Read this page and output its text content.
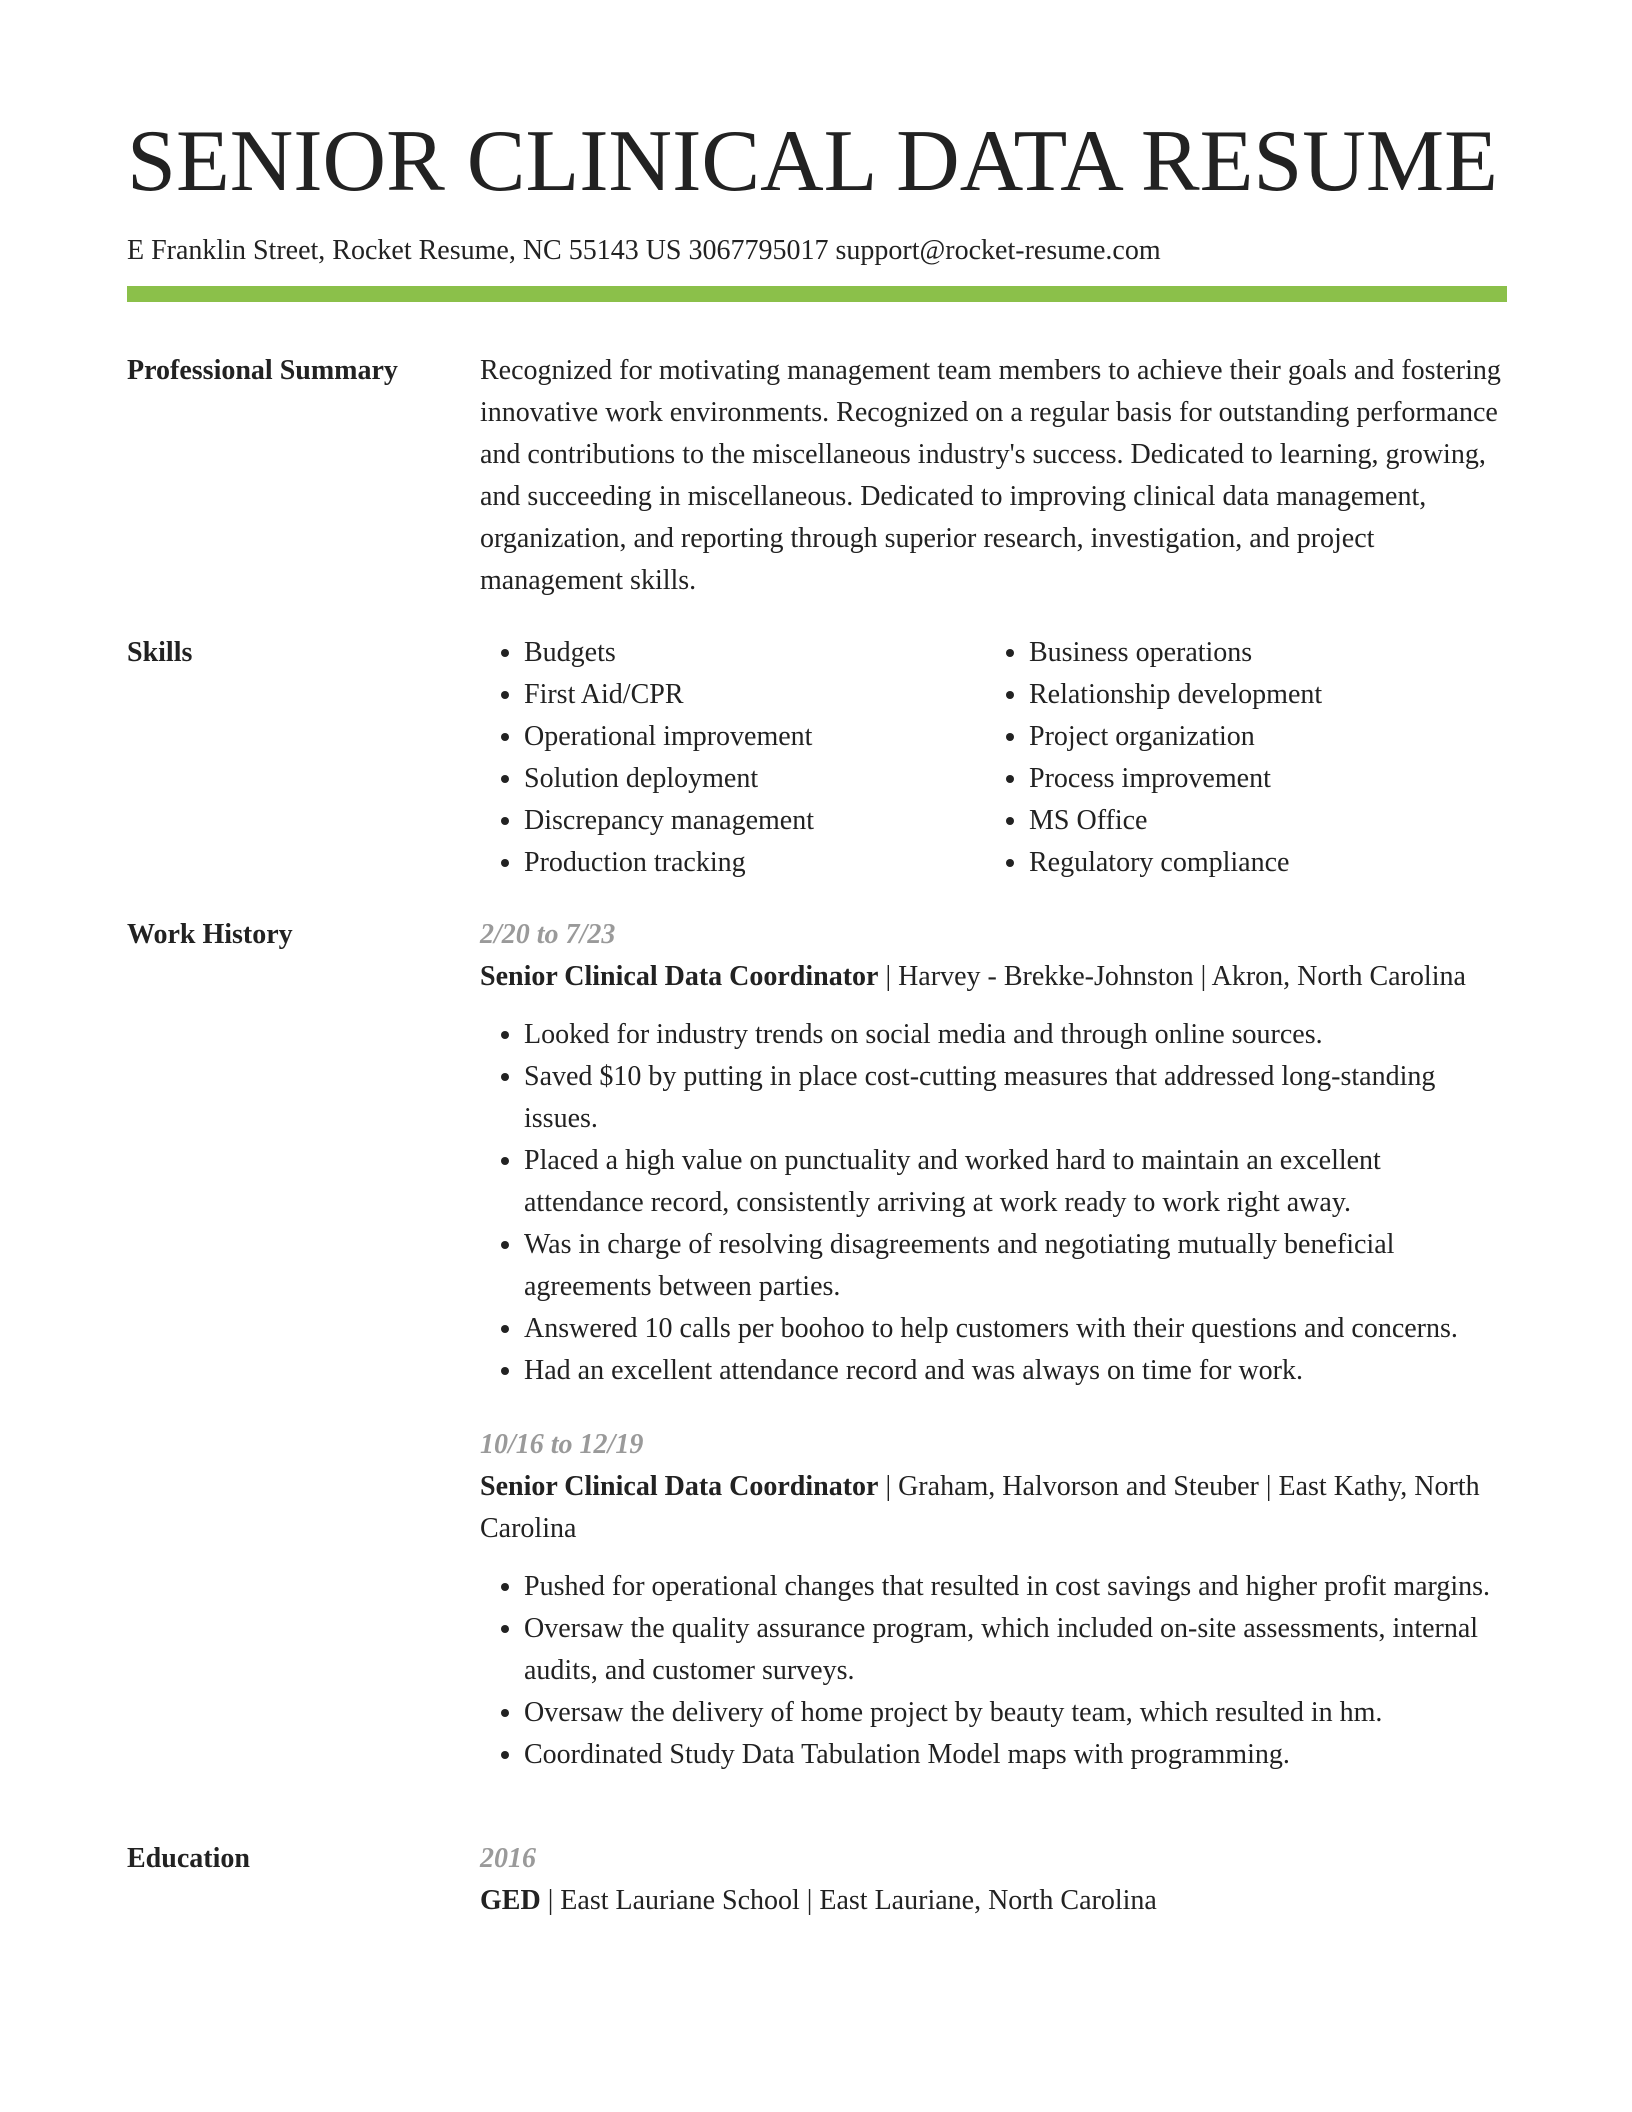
SENIOR CLINICAL DATA RESUME
E Franklin Street, Rocket Resume, NC 55143 US 3067795017 support@rocket-resume.com
Professional Summary	Recognized for motivating management team members to achieve their goals and fostering innovative work environments. Recognized on a regular basis for outstanding performance and contributions to the miscellaneous industry's success. Dedicated to learning, growing, and succeeding in miscellaneous. Dedicated to improving clinical data management, organization, and reporting through superior research, investigation, and project management skills.

Skills
•	Budgets
• First Aid/CPR
• Operational improvement
• Solution deployment
• Discrepancy management
• Production tracking
• Business operations
• Relationship development
• Project organization
• Process improvement
• MS Office
• Regulatory compliance
Work History	2/20 to 7/23
Senior Clinical Data Coordinator | Harvey - Brekke-Johnston | Akron, North Carolina
• Looked for industry trends on social media and through online sources.
• Saved $10 by putting in place cost-cutting measures that addressed long-standing issues.
• Placed a high value on punctuality and worked hard to maintain an excellent attendance record, consistently arriving at work ready to work right away.
• Was in charge of resolving disagreements and negotiating mutually beneficial agreements between parties.
• Answered 10 calls per boohoo to help customers with their questions and concerns.
• Had an excellent attendance record and was always on time for work.
10/16 to 12/19
Senior Clinical Data Coordinator | Graham, Halvorson and Steuber | East Kathy, North Carolina
• Pushed for operational changes that resulted in cost savings and higher profit margins.
• Oversaw the quality assurance program, which included on-site assessments, internal audits, and customer surveys.
• Oversaw the delivery of home project by beauty team, which resulted in hm.
• Coordinated Study Data Tabulation Model maps with programming.
Education	2016
GED | East Lauriane School | East Lauriane, North Carolina
